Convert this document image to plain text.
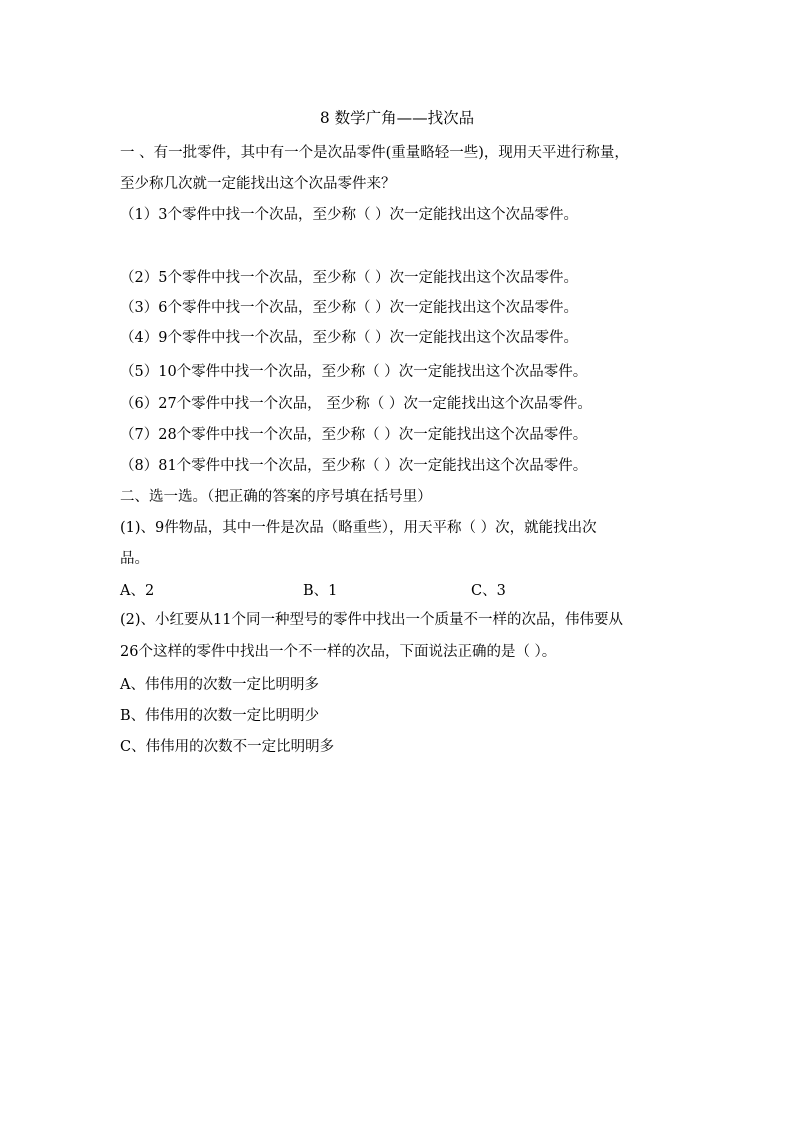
8 数学广角——找次品
一 、有一批零件，其中有一个是次品零件(重量略轻一些)，现用天平进行称量，
至少称几次就一定能找出这个次品零件来？
（1）3个零件中找一个次品，至少称（ ）次一定能找出这个次品零件。
（2）5个零件中找一个次品，至少称（ ）次一定能找出这个次品零件。
（3）6个零件中找一个次品，至少称（ ）次一定能找出这个次品零件。
（4）9个零件中找一个次品，至少称（ ）次一定能找出这个次品零件。
（5）10个零件中找一个次品，至少称（ ）次一定能找出这个次品零件。
（6）27个零件中找一个次品， 至少称（ ）次一定能找出这个次品零件。
（7）28个零件中找一个次品，至少称（ ）次一定能找出这个次品零件。
（8）81个零件中找一个次品，至少称（ ）次一定能找出这个次品零件。
二、选一选。（把正确的答案的序号填在括号里）
(1)、9件物品，其中一件是次品（略重些），用天平称（ ）次，就能找出次
品。
A、2	B、1	C、3
(2)、小红要从11个同一种型号的零件中找出一个质量不一样的次品，伟伟要从
26个这样的零件中找出一个不一样的次品，下面说法正确的是（ ）。
A、伟伟用的次数一定比明明多
B、伟伟用的次数一定比明明少
C、伟伟用的次数不一定比明明多
